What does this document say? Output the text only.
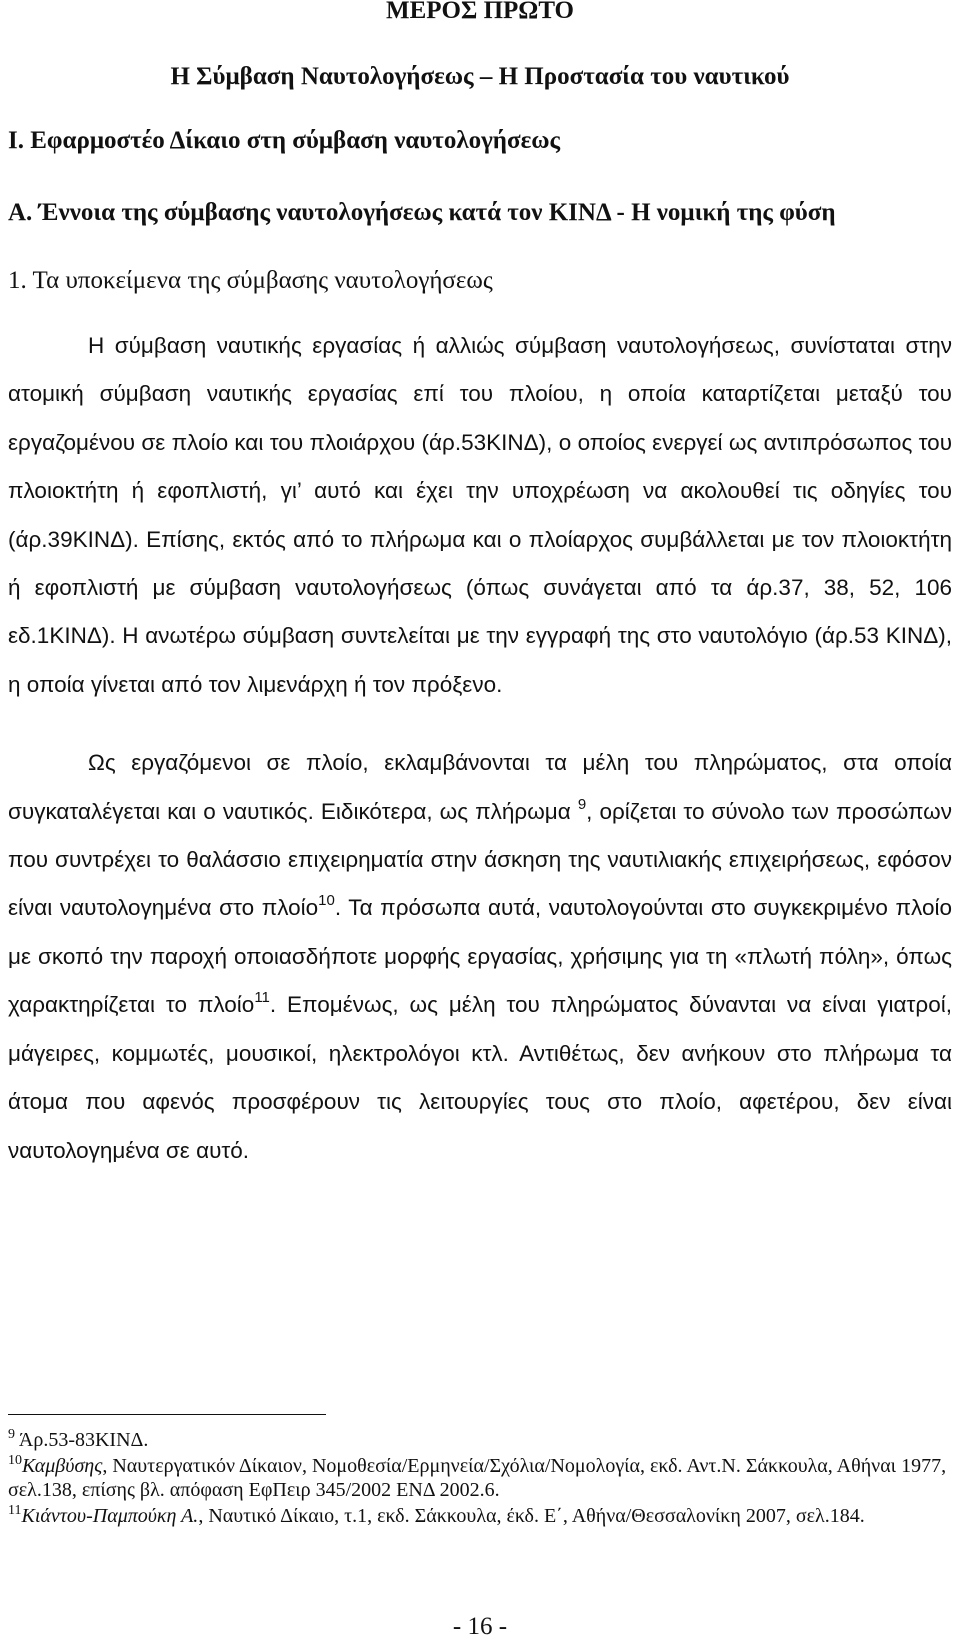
ΜΕΡΟΣ ΠΡΩΤΟ
Η Σύμβαση Ναυτολογήσεως – Η Προστασία του ναυτικού
Ι. Εφαρμοστέο Δίκαιο στη σύμβαση ναυτολογήσεως
Α. Έννοια της σύμβασης ναυτολογήσεως κατά τον ΚΙΝΔ - Η νομική της φύση
1. Τα υποκείμενα της σύμβασης ναυτολογήσεως

Η σύμβαση ναυτικής εργασίας ή αλλιώς σύμβαση ναυτολογήσεως, συνίσταται στην ατομική σύμβαση ναυτικής εργασίας επί του πλοίου, η οποία καταρτίζεται μεταξύ του εργαζομένου σε πλοίο και του πλοιάρχου (άρ.53ΚΙΝΔ), ο οποίος ενεργεί ως αντιπρόσωπος του πλοιοκτήτη ή εφοπλιστή, γι’ αυτό και έχει την υποχρέωση να ακολουθεί τις οδηγίες του (άρ.39ΚΙΝΔ). Επίσης, εκτός από το πλήρωμα και ο πλοίαρχος συμβάλλεται με τον πλοιοκτήτη ή εφοπλιστή με σύμβαση ναυτολογήσεως (όπως συνάγεται από τα άρ.37, 38, 52, 106 εδ.1ΚΙΝΔ). Η ανωτέρω σύμβαση συντελείται με την εγγραφή της στο ναυτολόγιο (άρ.53 ΚΙΝΔ), η οποία γίνεται από τον λιμενάρχη ή τον πρόξενο.

Ως εργαζόμενοι σε πλοίο, εκλαμβάνονται τα μέλη του πληρώματος, στα οποία συγκαταλέγεται και ο ναυτικός. Ειδικότερα, ως πλήρωμα $^9$, ορίζεται το σύνολο των προσώπων που συντρέχει το θαλάσσιο επιχειρηματία στην άσκηση της ναυτιλιακής επιχειρήσεως, εφόσον είναι ναυτολογημένα στο πλοίο$^{10}$. Τα πρόσωπα αυτά, ναυτολογούνται στο συγκεκριμένο πλοίο με σκοπό την παροχή οποιασδήποτε μορφής εργασίας, χρήσιμης για τη «πλωτή πόλη», όπως χαρακτηρίζεται το πλοίο$^{11}$. Επομένως, ως μέλη του πληρώματος δύνανται να είναι γιατροί, μάγειρες, κομμωτές, μουσικοί, ηλεκτρολόγοι κτλ. Αντιθέτως, δεν ανήκουν στο πλήρωμα τα άτομα που αφενός προσφέρουν τις λειτουργίες τους στο πλοίο, αφετέρου, δεν είναι ναυτολογημένα σε αυτό.

$^9$ Άρ.53-83ΚΙΝΔ.

$^{10}$Καμβύσης, Ναυτεργατικόν Δίκαιον, Νομοθεσία/Ερμηνεία/Σχόλια/Νομολογία, εκδ. Αντ.Ν. Σάκκουλα, Αθήναι 1977, σελ.138, επίσης βλ. απόφαση ΕφΠειρ 345/2002 ΕΝΔ 2002.6.

$^{11}$Κιάντου-Παμπούκη Α., Ναυτικό Δίκαιο, τ.1, εκδ. Σάκκουλα, έκδ. Ε΄, Αθήνα/Θεσσαλονίκη 2007, σελ.184.

- 16 -
